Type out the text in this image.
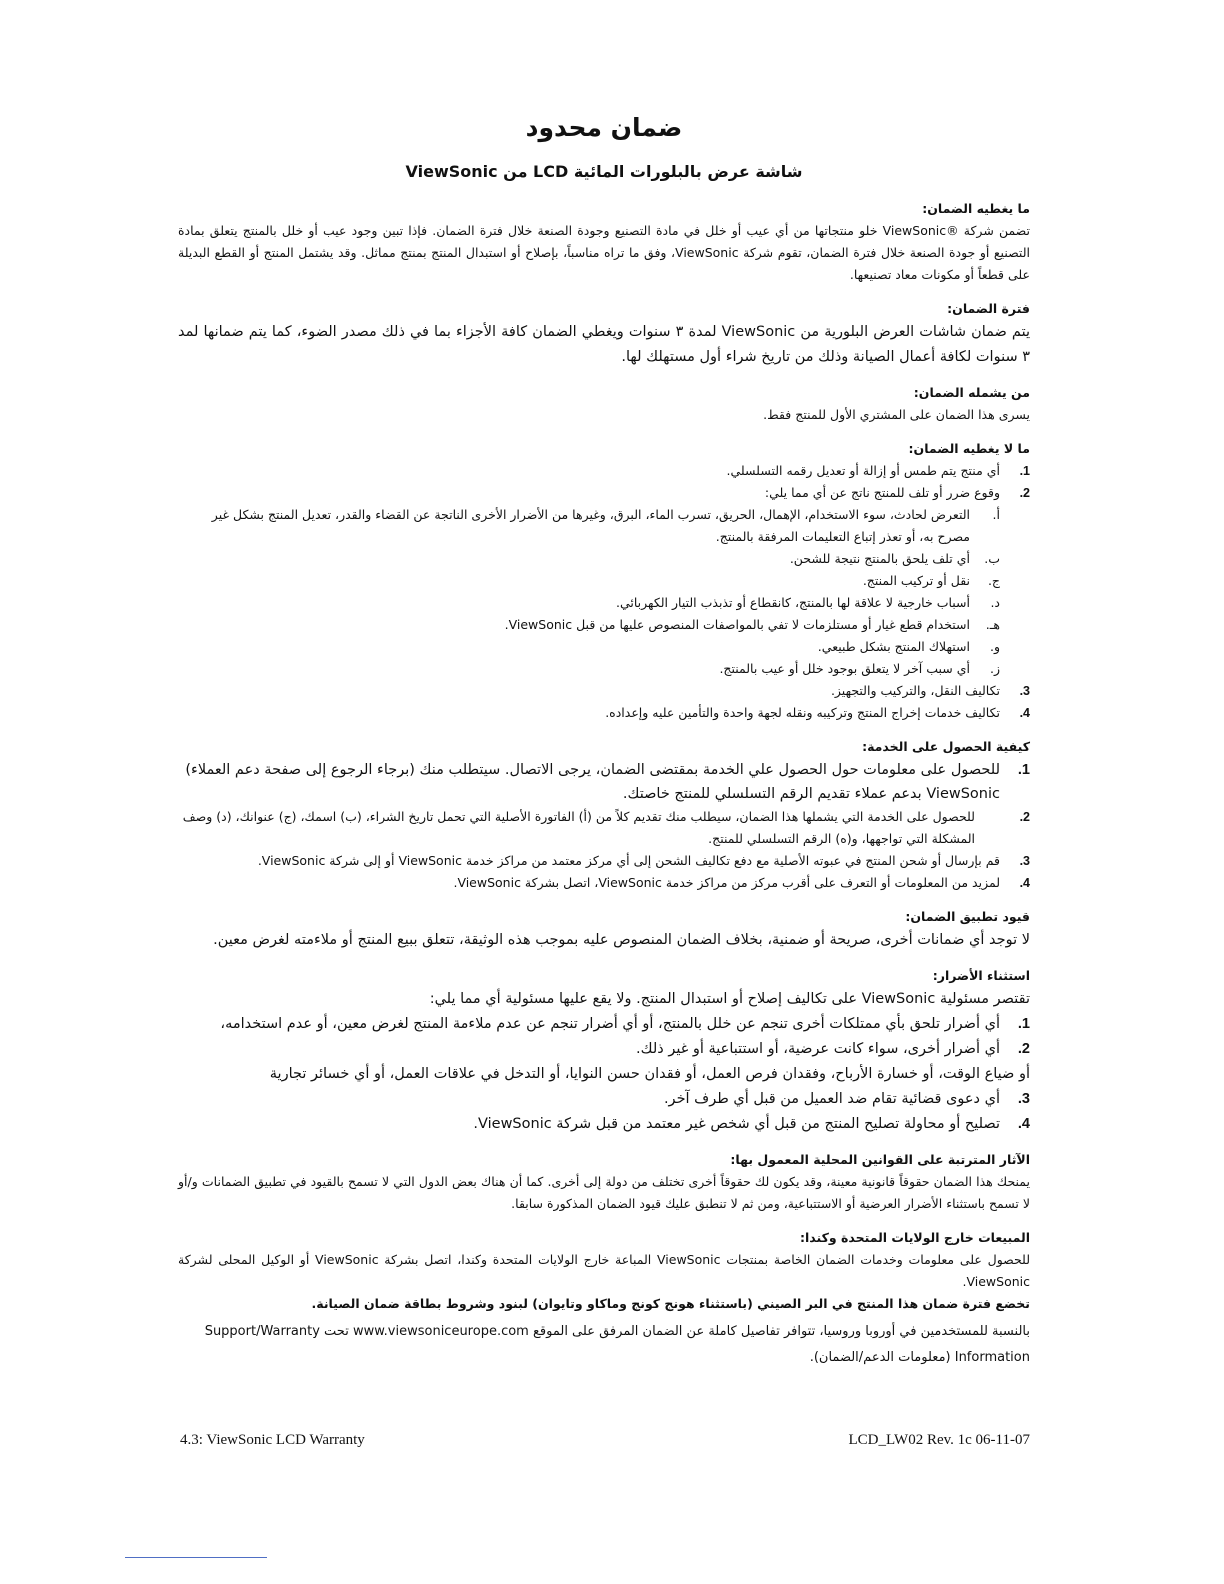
ضمان محدود
شاشة عرض بالبلورات المائية LCD من ViewSonic
ما يغطيه الضمان:

تضمن شركة ®ViewSonic خلو منتجاتها من أي عيب أو خلل في مادة التصنيع وجودة الصنعة خلال فترة الضمان. فإذا تبين وجود عيب أو خلل بالمنتج يتعلق بمادة التصنيع أو جودة الصنعة خلال فترة الضمان، تقوم شركة ViewSonic، وفق ما تراه مناسباً، بإصلاح أو استبدال المنتج بمنتج مماثل. وقد يشتمل المنتج أو القطع البديلة على قطعاً أو مكونات معاد تصنيعها.

فترة الضمان:

يتم ضمان شاشات العرض البلورية من ViewSonic لمدة ٣ سنوات ويغطي الضمان كافة الأجزاء بما في ذلك مصدر الضوء، كما يتم ضمانها لمد ٣ سنوات لكافة أعمال الصيانة وذلك من تاريخ شراء أول مستهلك لها.

من يشمله الضمان:

يسرى هذا الضمان على المشتري الأول للمنتج فقط.

ما لا يغطيه الضمان:
1.
أي منتج يتم طمس أو إزالة أو تعديل رقمه التسلسلي.
2.
وقوع ضرر أو تلف للمنتج ناتج عن أي مما يلي:
أ.
التعرض لحادث، سوء الاستخدام، الإهمال، الحريق، تسرب الماء، البرق، وغيرها من الأضرار الأخرى الناتجة عن القضاء والقدر، تعديل المنتج بشكل غير مصرح به، أو تعذر إتباع التعليمات المرفقة بالمنتج.
ب.
أي تلف يلحق بالمنتج نتيجة للشحن.
ج.
نقل أو تركيب المنتج.
د.
أسباب خارجية لا علاقة لها بالمنتج، كانقطاع أو تذبذب التيار الكهربائي.
هـ.
استخدام قطع غيار أو مستلزمات لا تفي بالمواصفات المنصوص عليها من قبل ViewSonic.
و.
استهلاك المنتج بشكل طبيعي.
ز.
أي سبب آخر لا يتعلق بوجود خلل أو عيب بالمنتج.
3.
تكاليف النقل، والتركيب والتجهيز.
4.
تكاليف خدمات إخراج المنتج وتركيبه ونقله لجهة واحدة والتأمين عليه وإعداده.
كيفية الحصول على الخدمة:
1.
للحصول على معلومات حول الحصول علي الخدمة بمقتضى الضمان، يرجى الاتصال. سيتطلب منك (برجاء الرجوع إلى صفحة دعم العملاء) ViewSonic بدعم عملاء تقديم الرقم التسلسلي للمنتج خاصتك.
2.
للحصول على الخدمة التي يشملها هذا الضمان، سيطلب منك تقديم كلاً من (أ) الفاتورة الأصلية التي تحمل تاريخ الشراء، (ب) اسمك، (ج) عنوانك، (د) وصف المشكلة التي تواجهها، و(ه) الرقم التسلسلي للمنتج.
3.
قم بإرسال أو شحن المنتج في عبوته الأصلية مع دفع تكاليف الشحن إلى أي مركز معتمد من مراكز خدمة ViewSonic أو إلى شركة ViewSonic.
4.
لمزيد من المعلومات أو التعرف على أقرب مركز من مراكز خدمة ViewSonic، اتصل بشركة ViewSonic.
قيود تطبيق الضمان:

لا توجد أي ضمانات أخرى، صريحة أو ضمنية، بخلاف الضمان المنصوص عليه بموجب هذه الوثيقة، تتعلق ببيع المنتج أو ملاءمته لغرض معين.

استثناء الأضرار:

تقتصر مسئولية ViewSonic على تكاليف إصلاح أو استبدال المنتج. ولا يقع عليها مسئولية أي مما يلي:

1.
أي أضرار تلحق بأي ممتلكات أخرى تنجم عن خلل بالمنتج، أو أي أضرار تنجم عن عدم ملاءمة المنتج لغرض معين، أو عدم استخدامه،
2.
أي أضرار أخرى، سواء كانت عرضية، أو استتباعية أو غير ذلك.
أو ضياع الوقت، أو خسارة الأرباح، وفقدان فرص العمل، أو فقدان حسن النوايا، أو التدخل في علاقات العمل، أو أي خسائر تجارية
3.
أي دعوى قضائية تقام ضد العميل من قبل أي طرف آخر.
4.
تصليح أو محاولة تصليح المنتج من قبل أي شخص غير معتمد من قبل شركة ViewSonic.
الآثار المترتبة على القوانين المحلية المعمول بها:

يمنحك هذا الضمان حقوقاً قانونية معينة، وقد يكون لك حقوقاً أخرى تختلف من دولة إلى أخرى. كما أن هناك بعض الدول التي لا تسمح بالقيود في تطبيق الضمانات و/أو لا تسمح باستثناء الأضرار العرضية أو الاستتباعية، ومن ثم لا تنطبق عليك قيود الضمان المذكورة سابقا.

المبيعات خارج الولايات المتحدة وكندا:

للحصول على معلومات وخدمات الضمان الخاصة بمنتجات ViewSonic المباعة خارج الولايات المتحدة وكندا، اتصل بشركة ViewSonic أو الوكيل المحلى لشركة ViewSonic.

تخضع فترة ضمان هذا المنتج في البر الصيني (باستثناء هونج كونج وماكاو وتايوان) لبنود وشروط بطاقة ضمان الصيانة.

بالنسبة للمستخدمين في أوروبا وروسيا، تتوافر تفاصيل كاملة عن الضمان المرفق على الموقع www.viewsoniceurope.com تحت Support/Warranty Information (معلومات الدعم/الضمان).

4.3: ViewSonic LCD Warranty	LCD_LW02 Rev. 1c 06-11-07
